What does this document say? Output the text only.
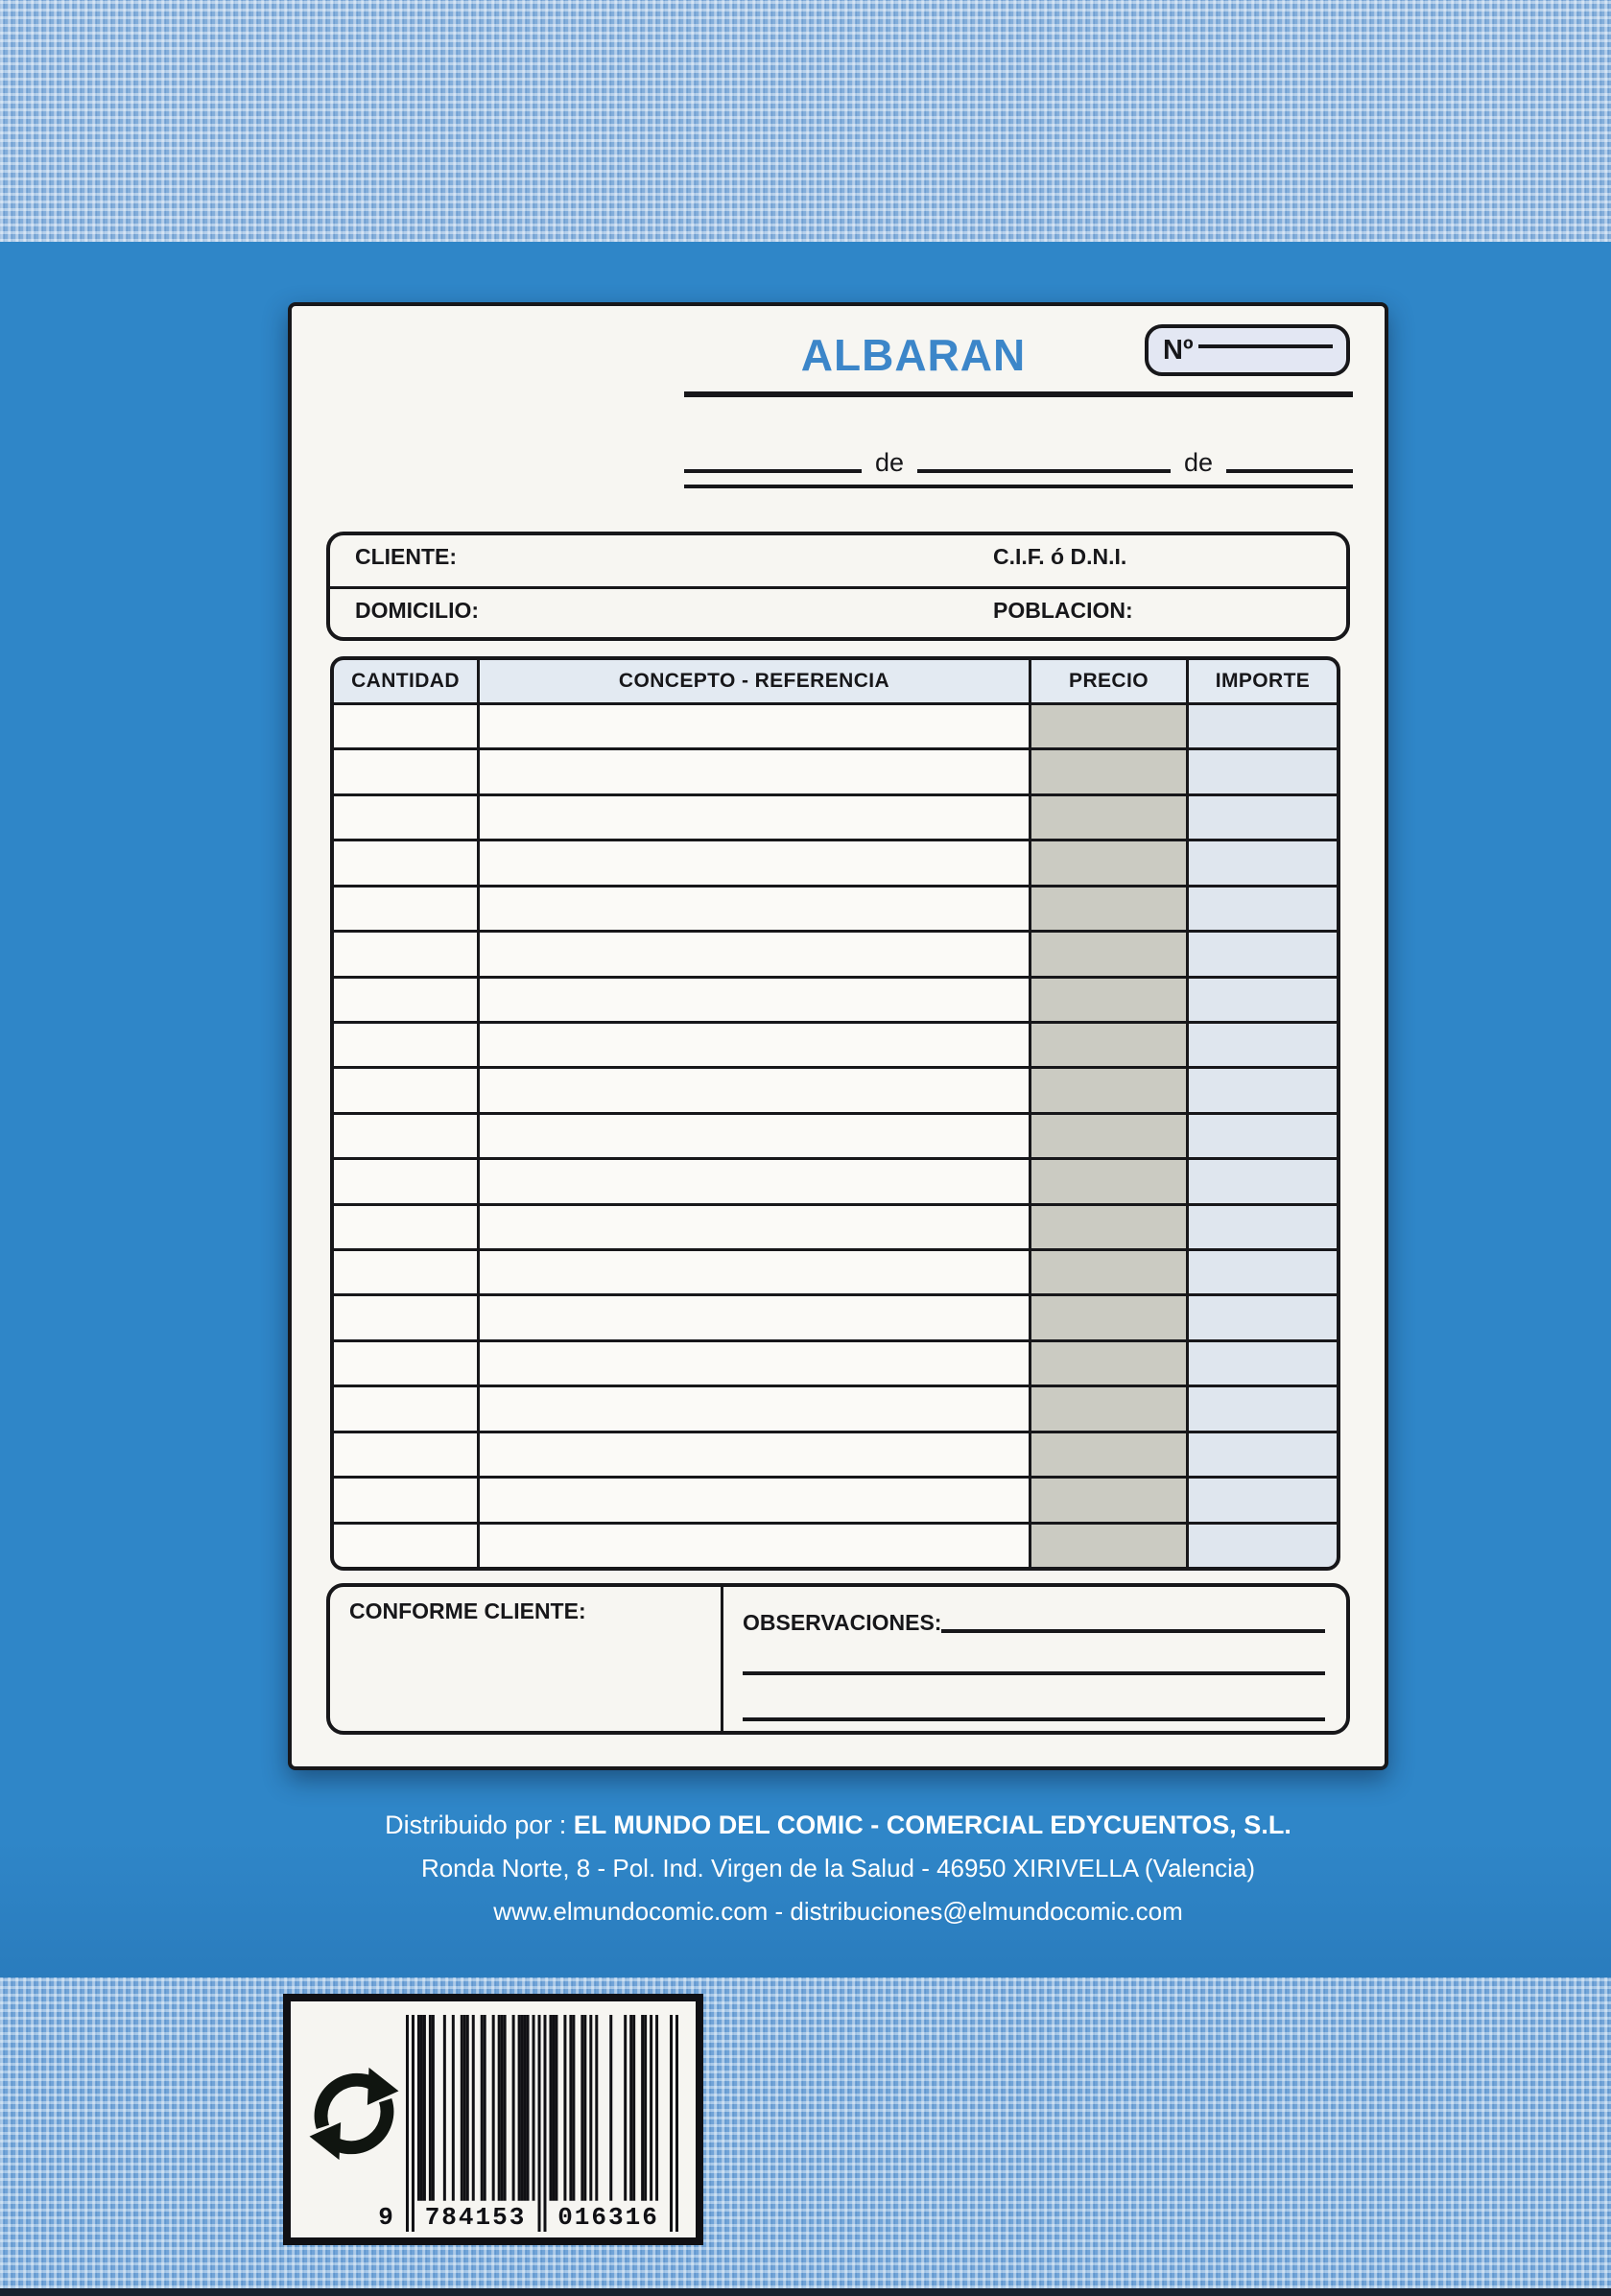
ALBARAN	Nº
de	de
CLIENTE:	C.I.F. ó D.N.I.
DOMICILIO:	POBLACION:
CANTIDAD	CONCEPTO - REFERENCIA	PRECIO	IMPORTE
CONFORME CLIENTE:	OBSERVACIONES:
Distribuido por : EL MUNDO DEL COMIC - COMERCIAL EDYCUENTOS, S.L.
Ronda Norte, 8 - Pol. Ind. Virgen de la Salud - 46950 XIRIVELLA (Valencia)
www.elmundocomic.com - distribuciones@elmundocomic.com
9	784153	016316
